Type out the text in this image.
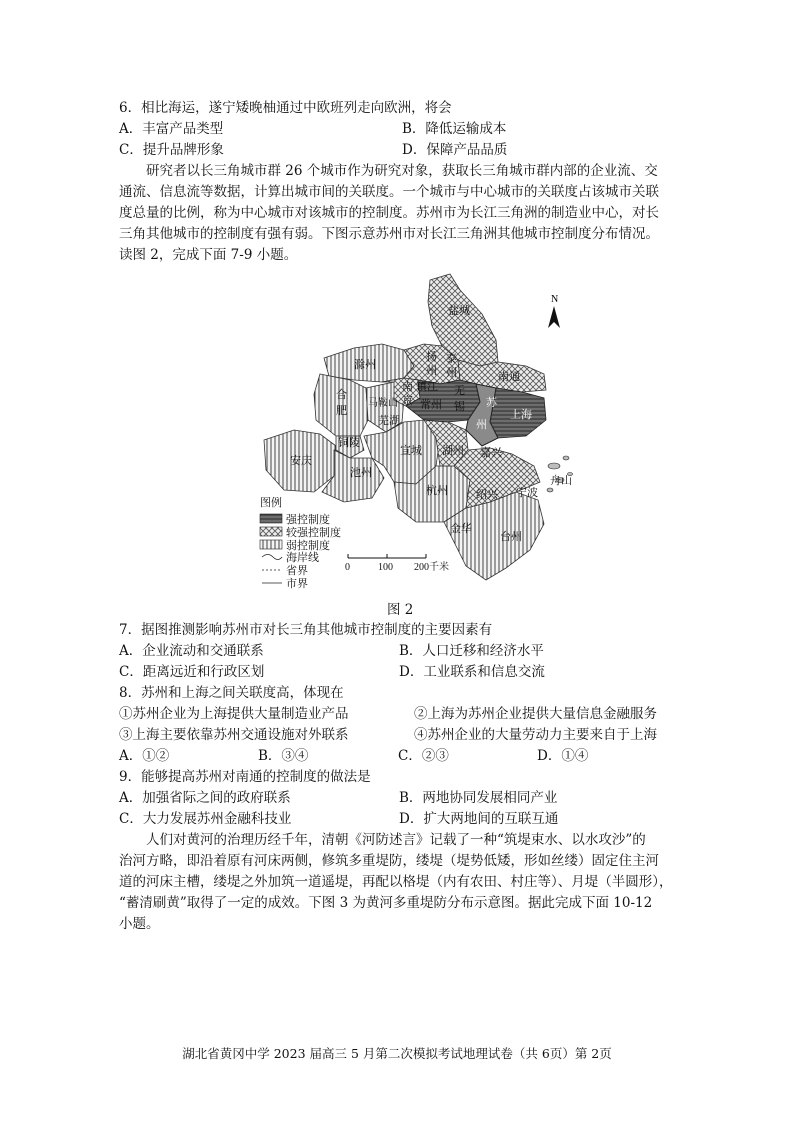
6．相比海运，遂宁矮晚柚通过中欧班列走向欧洲，将会
A．丰富产品类型	B．降低运输成本
C．提升品牌形象	D．保障产品品质
研究者以长三角城市群 26 个城市作为研究对象，获取长三角城市群内部的企业流、交
通流、信息流等数据，计算出城市间的关联度。一个城市与中心城市的关联度占该城市关联
度总量的比例，称为中心城市对该城市的控制度。苏州市为长江三角洲的制造业中心，对长
三角其他城市的控制度有强有弱。下图示意苏州市对长江三角洲其他城市控制度分布情况。
读图 2，完成下面 7-9 小题。
N
盐城
滁州
扬
州
泰
州	南通
合
肥
南
京
镇江
常州
无
锡 苏
州
马鞍山
芜湖	上海
铜陵
安庆
池州
宣城 湖州 嘉兴
杭州	绍兴 宁波
舟山
金华
台州
图例
强控制度
较强控制度
弱控制度
海岸线
省界
市界
0	100 200千米
图 2
7．据图推测影响苏州市对长三角其他城市控制度的主要因素有
A．企业流动和交通联系	B．人口迁移和经济水平
C．距离远近和行政区划	D．工业联系和信息交流
8．苏州和上海之间关联度高，体现在
①苏州企业为上海提供大量制造业产品	②上海为苏州企业提供大量信息金融服务
③上海主要依靠苏州交通设施对外联系	④苏州企业的大量劳动力主要来自于上海
A．①②	B．③④	C．②③	D．①④
9．能够提高苏州对南通的控制度的做法是
A．加强省际之间的政府联系	B．两地协同发展相同产业
C．大力发展苏州金融科技业	D．扩大两地间的互联互通
人们对黄河的治理历经千年，清朝《河防述言》记载了一种“筑堤束水、以水攻沙”的
治河方略，即沿着原有河床两侧，修筑多重堤防，缕堤（堤势低矮，形如丝缕）固定住主河
道的河床主槽，缕堤之外加筑一道遥堤，再配以格堤（内有农田、村庄等）、月堤（半圆形），
“蓄清刷黄”取得了一定的成效。下图 3 为黄河多重堤防分布示意图。据此完成下面 10-12
小题。
湖北省黄冈中学 2023 届高三 5 月第二次模拟考试地理试卷（共 6页）第 2页
